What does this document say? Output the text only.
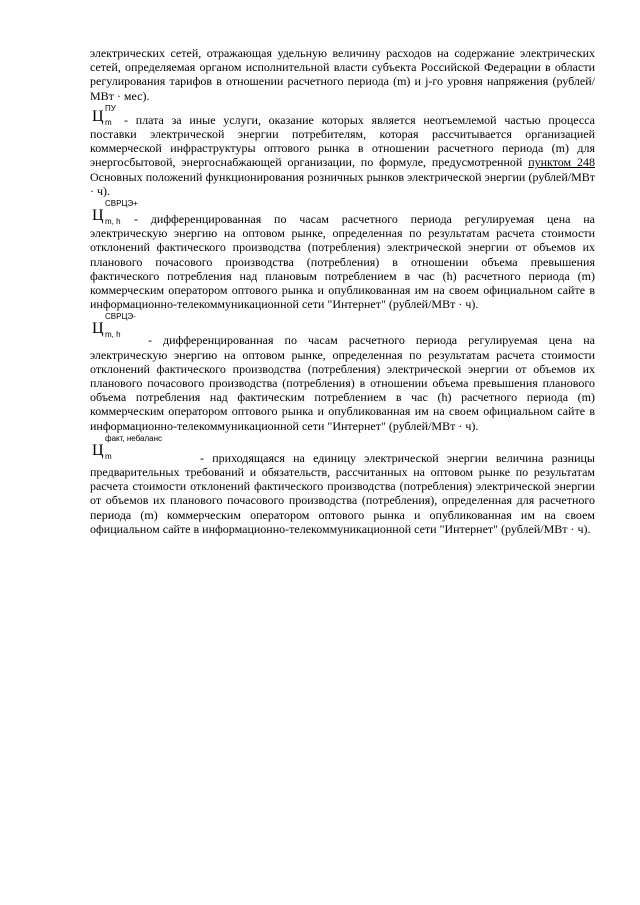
электрических сетей, отражающая удельную величину расходов на содержание электрических сетей, определяемая органом исполнительной власти субъекта Российской Федерации в области регулирования тарифов в отношении расчетного периода (m) и j-го уровня напряжения (рублей/МВт · мес).

Ц ПУ
m	- плата за иные услуги, оказание которых является неотъемлемой частью процесса поставки электрической энергии потребителям, которая рассчитывается организацией коммерческой инфраструктуры оптового рынка в отношении расчетного периода (m) для энергосбытовой, энергоснабжающей организации, по формуле, предусмотренной пунктом 248 Основных положений функционирования розничных рынков электрической энергии (рублей/МВт · ч).

Ц
СВРЦЭ+
m, h	- дифференцированная по часам расчетного периода регулируемая цена на электрическую энергию на оптовом рынке, определенная по результатам расчета стоимости отклонений фактического производства (потребления) электрической энергии от объемов их планового почасового производства (потребления) в отношении объема превышения фактического потребления над плановым потреблением в час (h) расчетного периода (m) коммерческим оператором оптового рынка и опубликованная им на своем официальном сайте в информационно-телекоммуникационной сети "Интернет" (рублей/МВт · ч).

Ц
СВРЦЭ-
m, h	- дифференцированная по часам расчетного периода регулируемая цена на электрическую энергию на оптовом рынке, определенная по результатам расчета стоимости отклонений фактического производства (потребления) электрической энергии от объемов их планового почасового производства (потребления) в отношении объема превышения планового объема потребления над фактическим потреблением в час (h) расчетного периода (m) коммерческим оператором оптового рынка и опубликованная им на своем официальном сайте в информационно-телекоммуникационной сети "Интернет" (рублей/МВт · ч).

Ц
факт, небаланс
m	- приходящаяся на единицу электрической энергии величина разницы предварительных требований и обязательств, рассчитанных на оптовом рынке по результатам расчета стоимости отклонений фактического производства (потребления) электрической энергии от объемов их планового почасового производства (потребления), определенная для расчетного периода (m) коммерческим оператором оптового рынка и опубликованная им на своем официальном сайте в информационно-телекоммуникационной сети "Интернет" (рублей/МВт · ч).
